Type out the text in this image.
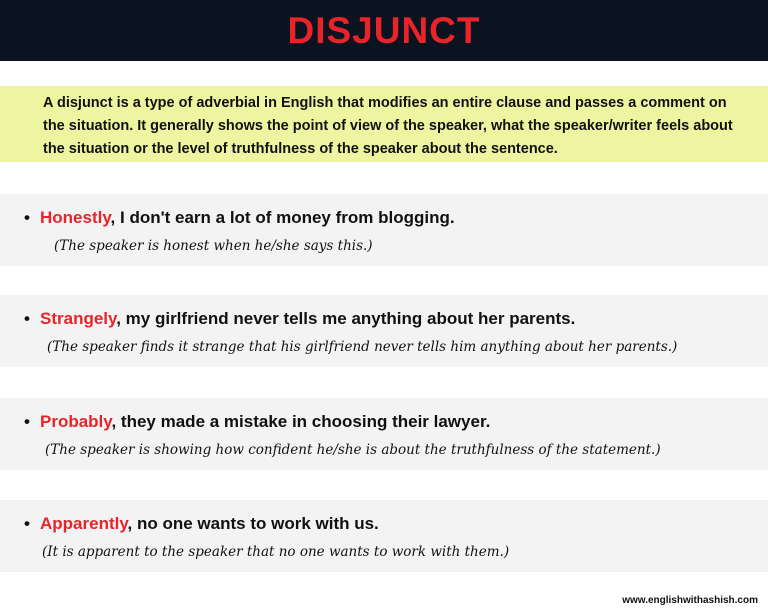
DISJUNCT

A disjunct is a type of adverbial in English that modifies an entire clause and passes a comment on the situation. It generally shows the point of view of the speaker, what the speaker/writer feels about the situation or the level of truthfulness of the speaker about the sentence.

• Honestly, I don't earn a lot of money from blogging.
(The speaker is honest when he/she says this.)
• Strangely, my girlfriend never tells me anything about her parents.
(The speaker finds it strange that his girlfriend never tells him anything about her parents.)
• Probably, they made a mistake in choosing their lawyer.
(The speaker is showing how confident he/she is about the truthfulness of the statement.)
• Apparently, no one wants to work with us.
(It is apparent to the speaker that no one wants to work with them.)
www.englishwithashish.com
